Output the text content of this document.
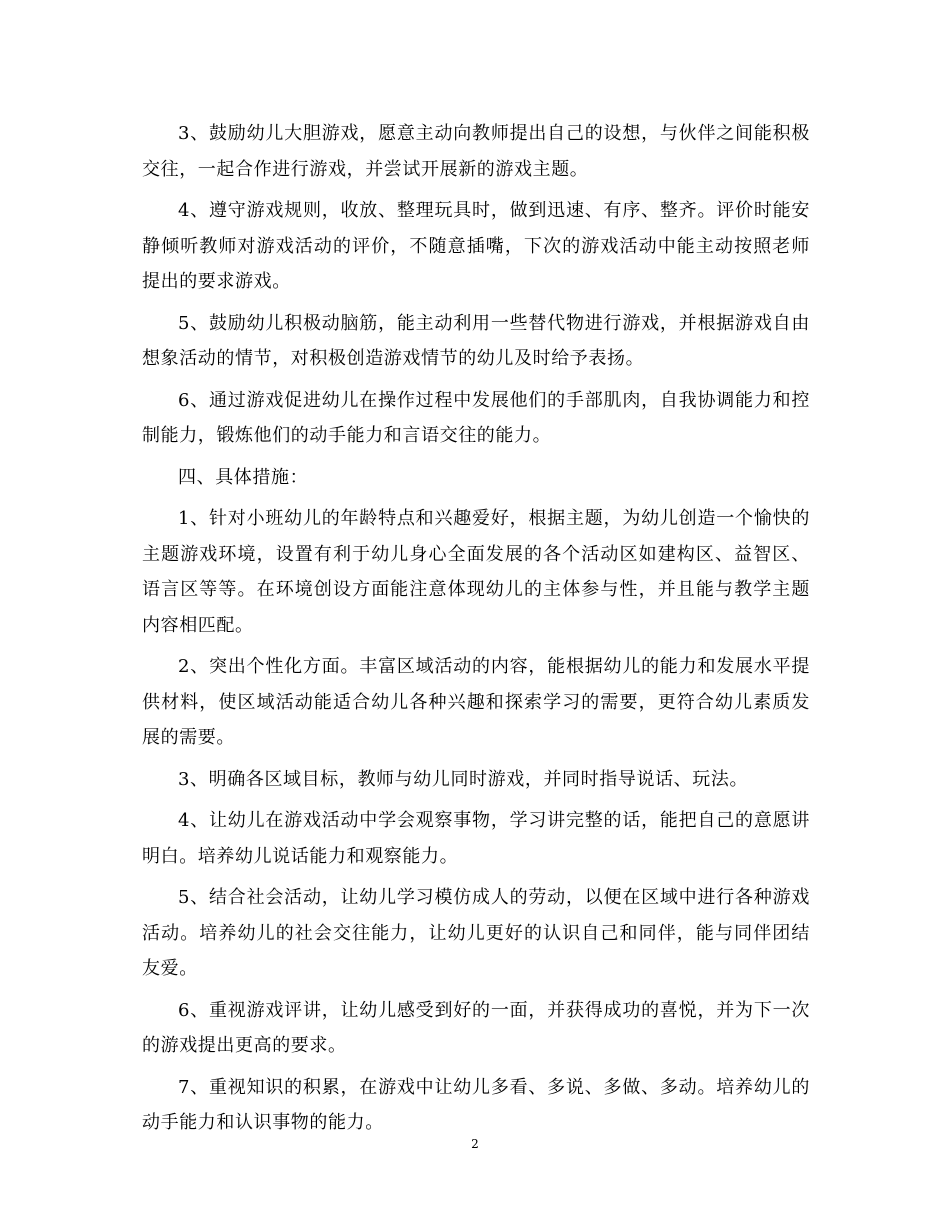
3、鼓励幼儿大胆游戏，愿意主动向教师提出自己的设想，与伙伴之间能积极交往，一起合作进行游戏，并尝试开展新的游戏主题。

4、遵守游戏规则，收放、整理玩具时，做到迅速、有序、整齐。评价时能安静倾听教师对游戏活动的评价，不随意插嘴，下次的游戏活动中能主动按照老师提出的要求游戏。

5、鼓励幼儿积极动脑筋，能主动利用一些替代物进行游戏，并根据游戏自由想象活动的情节，对积极创造游戏情节的幼儿及时给予表扬。

6、通过游戏促进幼儿在操作过程中发展他们的手部肌肉，自我协调能力和控制能力，锻炼他们的动手能力和言语交往的能力。

四、具体措施：

1、针对小班幼儿的年龄特点和兴趣爱好，根据主题，为幼儿创造一个愉快的主题游戏环境，设置有利于幼儿身心全面发展的各个活动区如建构区、益智区、语言区等等。在环境创设方面能注意体现幼儿的主体参与性，并且能与教学主题内容相匹配。

2、突出个性化方面。丰富区域活动的内容，能根据幼儿的能力和发展水平提供材料，使区域活动能适合幼儿各种兴趣和探索学习的需要，更符合幼儿素质发展的需要。

3、明确各区域目标，教师与幼儿同时游戏，并同时指导说话、玩法。

4、让幼儿在游戏活动中学会观察事物，学习讲完整的话，能把自己的意愿讲明白。培养幼儿说话能力和观察能力。

5、结合社会活动，让幼儿学习模仿成人的劳动，以便在区域中进行各种游戏活动。培养幼儿的社会交往能力，让幼儿更好的认识自己和同伴，能与同伴团结友爱。

6、重视游戏评讲，让幼儿感受到好的一面，并获得成功的喜悦，并为下一次的游戏提出更高的要求。

7、重视知识的积累，在游戏中让幼儿多看、多说、多做、多动。培养幼儿的动手能力和认识事物的能力。

2
